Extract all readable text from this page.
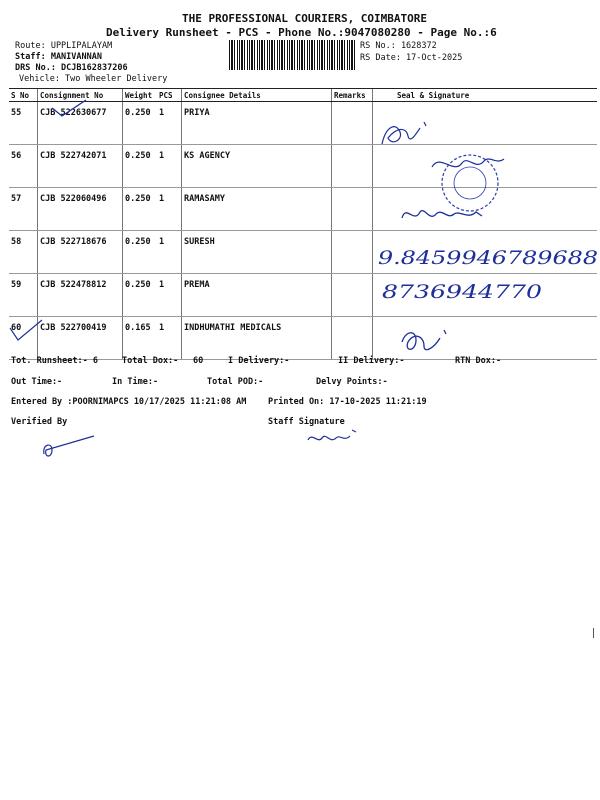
THE PROFESSIONAL COURIERS, COIMBATORE
Delivery Runsheet - PCS - Phone No.:9047080280 - Page No.:6
Route: UPPLIPALAYAM
Staff: MANIVANNAN
DRS No.: DCJB162837206
Vehicle: Two Wheeler Delivery
RS No.: 1628372
RS Date: 17-Oct-2025
S No	Consignment No	Weight	PCS	Consignee Details	Remarks	Seal & Signature
55	CJB 522630677	0.250	1	PRIYA		
56	CJB 522742071	0.250	1	KS AGENCY		
57	CJB 522060496	0.250	1	RAMASAMY		
58	CJB 522718676	0.250	1	SURESH		
59	CJB 522478812	0.250	1	PREMA		
60	CJB 522700419	0.165	1	INDHUMATHI MEDICALS		
9.8459946789688
8736944770
Tot. Runsheet:- 6	Total Dox:- 60	I Delivery:-	II Delivery:-	RTN Dox:-
Out Time:-	In Time:-	Total POD:-	Delvy Points:-
Entered By :POORNIMAPCS 10/17/2025 11:21:08 AM	Printed On: 17-10-2025 11:21:19
Verified By	Staff Signature
